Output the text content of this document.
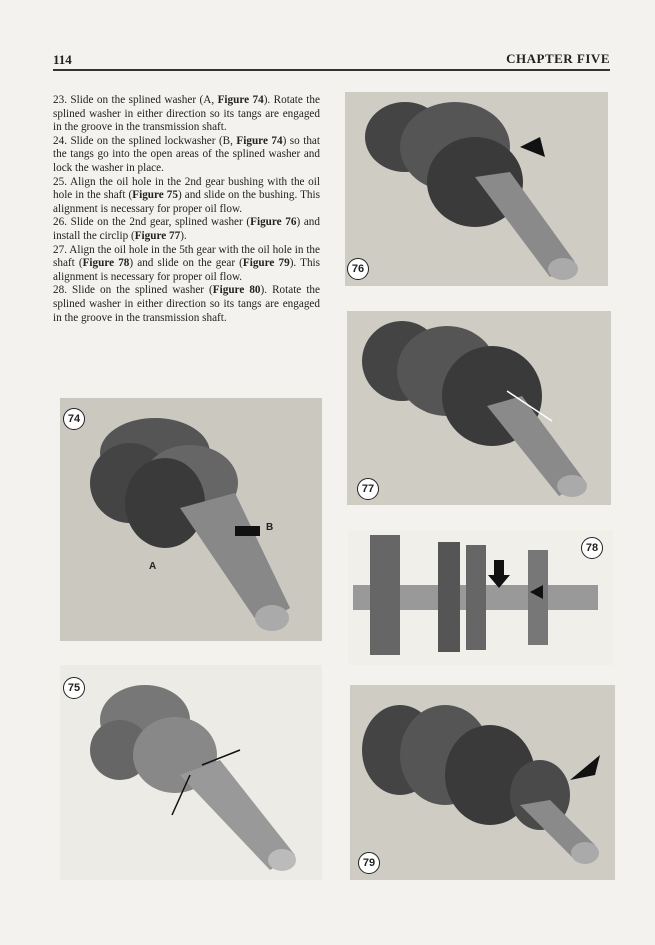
114	CHAPTER FIVE

23. Slide on the splined washer (A, Figure 74). Rotate the splined washer in either direction so its tangs are engaged in the groove in the transmission shaft.

24. Slide on the splined lockwasher (B, Figure 74) so that the tangs go into the open areas of the splined washer and lock the washer in place.

25. Align the oil hole in the 2nd gear bushing with the oil hole in the shaft (Figure 75) and slide on the bushing. This alignment is necessary for proper oil flow.

26. Slide on the 2nd gear, splined washer (Figure 76) and install the circlip (Figure 77).

27. Align the oil hole in the 5th gear with the oil hole in the shaft (Figure 78) and slide on the gear (Figure 79). This alignment is necessary for proper oil flow.

28. Slide on the splined washer (Figure 80). Rotate the splined washer in either direction so its tangs are engaged in the groove in the transmission shaft.

74
A
B
75
76
77
78
79
